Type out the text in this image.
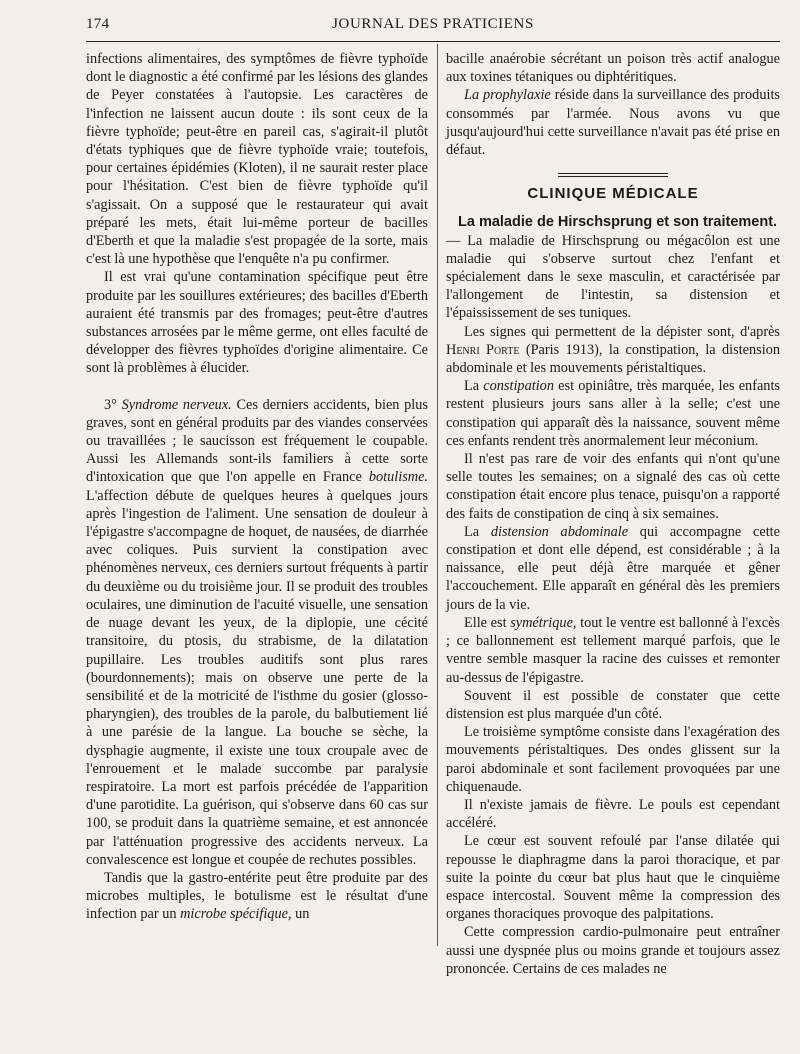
174	JOURNAL DES PRATICIENS

infections alimentaires, des symptômes de fièvre typhoïde dont le diagnostic a été confirmé par les lésions des glandes de Peyer constatées à l'autopsie. Les caractères de l'infection ne laissent aucun doute : ils sont ceux de la fièvre typhoïde; peut-être en pareil cas, s'agirait-il plutôt d'états typhiques que de fièvre typhoïde vraie; toutefois, pour certaines épidémies (Kloten), il ne saurait rester place pour l'hésitation. C'est bien de fièvre typhoïde qu'il s'agissait. On a supposé que le restaurateur qui avait préparé les mets, était lui-même porteur de bacilles d'Eberth et que la maladie s'est propagée de la sorte, mais c'est là une hypothèse que l'enquête n'a pu confirmer.

Il est vrai qu'une contamination spécifique peut être produite par les souillures extérieures; des bacilles d'Eberth auraient été transmis par des fromages; peut-être d'autres substances arrosées par le même germe, ont elles faculté de développer des fièvres typhoïdes d'origine alimentaire. Ce sont là problèmes à élucider.

3° Syndrome nerveux. Ces derniers accidents, bien plus graves, sont en général produits par des viandes conservées ou travaillées ; le saucisson est fréquement le coupable. Aussi les Allemands sont-ils familiers à cette sorte d'intoxication que que l'on appelle en France botulisme. L'affection débute de quelques heures à quelques jours après l'ingestion de l'aliment. Une sensation de douleur à l'épigastre s'accompagne de hoquet, de nausées, de diarrhée avec coliques. Puis survient la constipation avec phénomènes nerveux, ces derniers surtout fréquents à partir du deuxième ou du troisième jour. Il se produit des troubles oculaires, une diminution de l'acuité visuelle, une sensation de nuage devant les yeux, de la diplopie, une cécité transitoire, du ptosis, du strabisme, de la dilatation pupillaire. Les troubles auditifs sont plus rares (bourdonnements); mais on observe une perte de la sensibilité et de la motricité de l'isthme du gosier (glosso-pharyngien), des troubles de la parole, du balbutiement lié à une parésie de la langue. La bouche se sèche, la dysphagie augmente, il existe une toux croupale avec de l'enrouement et le malade succombe par paralysie respiratoire. La mort est parfois précédée de l'apparition d'une parotidite. La guérison, qui s'observe dans 60 cas sur 100, se produit dans la quatrième semaine, et est annoncée par l'atténuation progressive des accidents nerveux. La convalescence est longue et coupée de rechutes possibles.

Tandis que la gastro-entérite peut être produite par des microbes multiples, le botulisme est le résultat d'une infection par un microbe spécifique, un

bacille anaérobie sécrétant un poison très actif analogue aux toxines tétaniques ou diphtéritiques.

La prophylaxie réside dans la surveillance des produits consommés par l'armée. Nous avons vu que jusqu'aujourd'hui cette surveillance n'avait pas été prise en défaut.

CLINIQUE MÉDICALE
La maladie de Hirschsprung et son traitement.

— La maladie de Hirschsprung ou mégacôlon est une maladie qui s'observe surtout chez l'enfant et spécialement dans le sexe masculin, et caractérisée par l'allongement de l'intestin, sa distension et l'épaississement de ses tuniques.

Les signes qui permettent de la dépister sont, d'après Henri Porte (Paris 1913), la constipation, la distension abdominale et les mouvements péristaltiques.

La constipation est opiniâtre, très marquée, les enfants restent plusieurs jours sans aller à la selle; c'est une constipation qui apparaît dès la naissance, souvent même ces enfants rendent très anormalement leur méconium.

Il n'est pas rare de voir des enfants qui n'ont qu'une selle toutes les semaines; on a signalé des cas où cette constipation était encore plus tenace, puisqu'on a rapporté des faits de constipation de cinq à six semaines.

La distension abdominale qui accompagne cette constipation et dont elle dépend, est considérable ; à la naissance, elle peut déjà être marquée et gêner l'accouchement. Elle apparaît en général dès les premiers jours de la vie.

Elle est symétrique, tout le ventre est ballonné à l'excès ; ce ballonnement est tellement marqué parfois, que le ventre semble masquer la racine des cuisses et remonter au-dessus de l'épigastre.

Souvent il est possible de constater que cette distension est plus marquée d'un côté.

Le troisième symptôme consiste dans l'exagération des mouvements péristaltiques. Des ondes glissent sur la paroi abdominale et sont facilement provoquées par une chiquenaude.

Il n'existe jamais de fièvre. Le pouls est cependant accéléré.

Le cœur est souvent refoulé par l'anse dilatée qui repousse le diaphragme dans la paroi thoracique, et par suite la pointe du cœur bat plus haut que le cinquième espace intercostal. Souvent même la compression des organes thoraciques provoque des palpitations.

Cette compression cardio-pulmonaire peut entraîner aussi une dyspnée plus ou moins grande et toujours assez prononcée. Certains de ces malades ne
